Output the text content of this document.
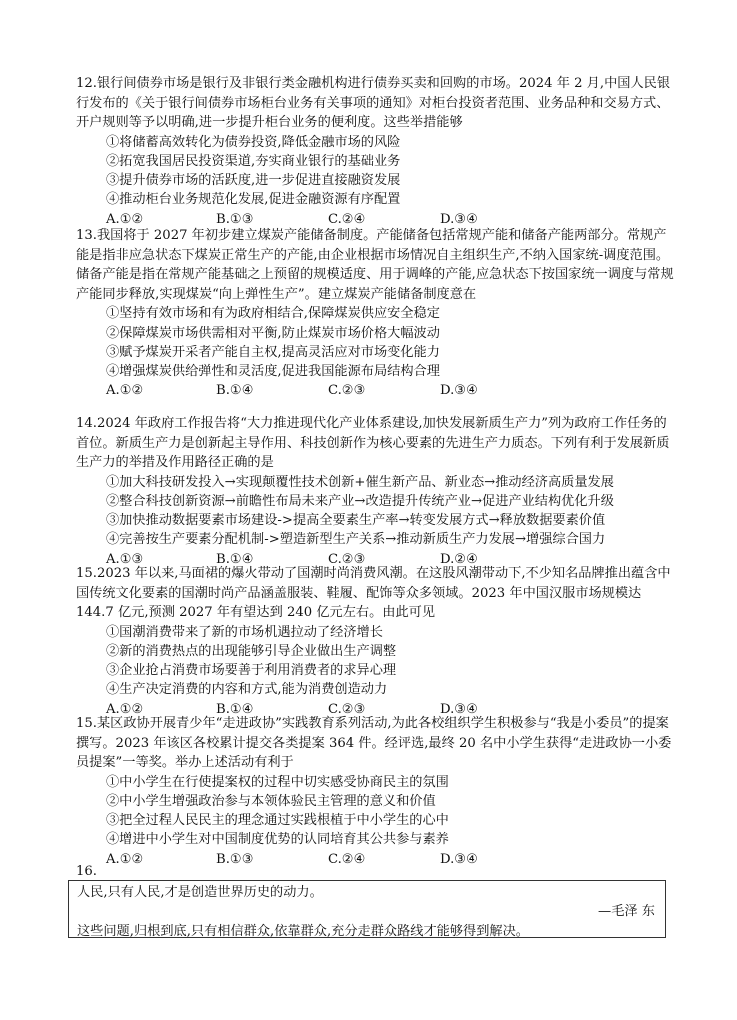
12.银行间债券市场是银行及非银行类金融机构进行债券买卖和回购的市场。2024 年 2 月,中国人民银行发布的《关于银行间债券市场柜台业务有关事项的通知》对柜台投资者范围、业务品种和交易方式、开户规则等予以明确,进一步提升柜台业务的便利度。这些举措能够

①将储蓄高效转化为债券投资,降低金融市场的风险

②拓宽我国居民投资渠道,夯实商业银行的基础业务

③提升债券市场的活跃度,进一步促进直接融资发展

④推动柜台业务规范化发展,促进金融资源有序配置

A.①②	B.①③	C.②④	D.③④

13.我国将于 2027 年初步建立煤炭产能储备制度。产能储备包括常规产能和储备产能两部分。常规产能是指非应急状态下煤炭正常生产的产能,由企业根据市场情况自主组织生产,不纳入国家统-调度范围。储备产能是指在常规产能基础之上预留的规模适度、用于调峰的产能,应急状态下按国家统一调度与常规产能同步释放,实现煤炭“向上弹性生产”。建立煤炭产能储备制度意在

①坚持有效市场和有为政府相结合,保障煤炭供应安全稳定

②保障煤炭市场供需相对平衡,防止煤炭市场价格大幅波动

③赋予煤炭开采者产能自主权,提高灵活应对市场变化能力

④增强煤炭供给弹性和灵活度,促进我国能源布局结构合理

A.①②	B.①④	C.②③	D.③④

14.2024 年政府工作报告将“大力推进现代化产业体系建设,加快发展新质生产力”列为政府工作任务的首位。新质生产力是创新起主导作用、科技创新作为核心要素的先进生产力质态。下列有利于发展新质生产力的举措及作用路径正确的是

①加大科技研发投入→实现颠覆性技术创新+催生新产品、新业态→推动经济高质量发展

②整合科技创新资源→前瞻性布局未来产业→改造提升传统产业→促进产业结构优化升级

③加快推动数据要素市场建设->提高全要素生产率→转变发展方式→释放数据要素价值

④完善按生产要素分配机制->塑造新型生产关系→推动新质生产力发展→增强综合国力

A.①③	B.①④	C.②③	D.②④

15.2023 年以来,马面裙的爆火带动了国潮时尚消费风潮。在这股风潮带动下,不少知名品牌推出蕴含中国传统文化要素的国潮时尚产品涵盖服装、鞋履、配饰等众多领域。2023 年中国汉服市场规模达 144.7 亿元,预测 2027 年有望达到 240 亿元左右。由此可见

①国潮消费带来了新的市场机遇拉动了经济增长

②新的消费热点的出现能够引导企业做出生产调整

③企业抢占消费市场要善于利用消费者的求异心理

④生产决定消费的内容和方式,能为消费创造动力

A.①②	B.①④	C.②③	D.③④

15.某区政协开展青少年“走进政协”实践教育系列活动,为此各校组织学生积极参与“我是小委员”的提案撰写。2023 年该区各校累计提交各类提案 364 件。经评选,最终 20 名中小学生获得“走进政协一小委员提案”一等奖。举办上述活动有利于

①中小学生在行使提案权的过程中切实感受协商民主的氛围

②中小学生增强政治参与本领体验民主管理的意义和价值

③把全过程人民民主的理念通过实践根植于中小学生的心中

④增进中小学生对中国制度优势的认同培育其公共参与素养

A.①②	B.①③	C.②④	D.③④
16.
人民,只有人民,才是创造世界历史的动力。
—毛泽 东
这些问题,归根到底,只有相信群众,依靠群众,充分走群众路线才能够得到解决。
